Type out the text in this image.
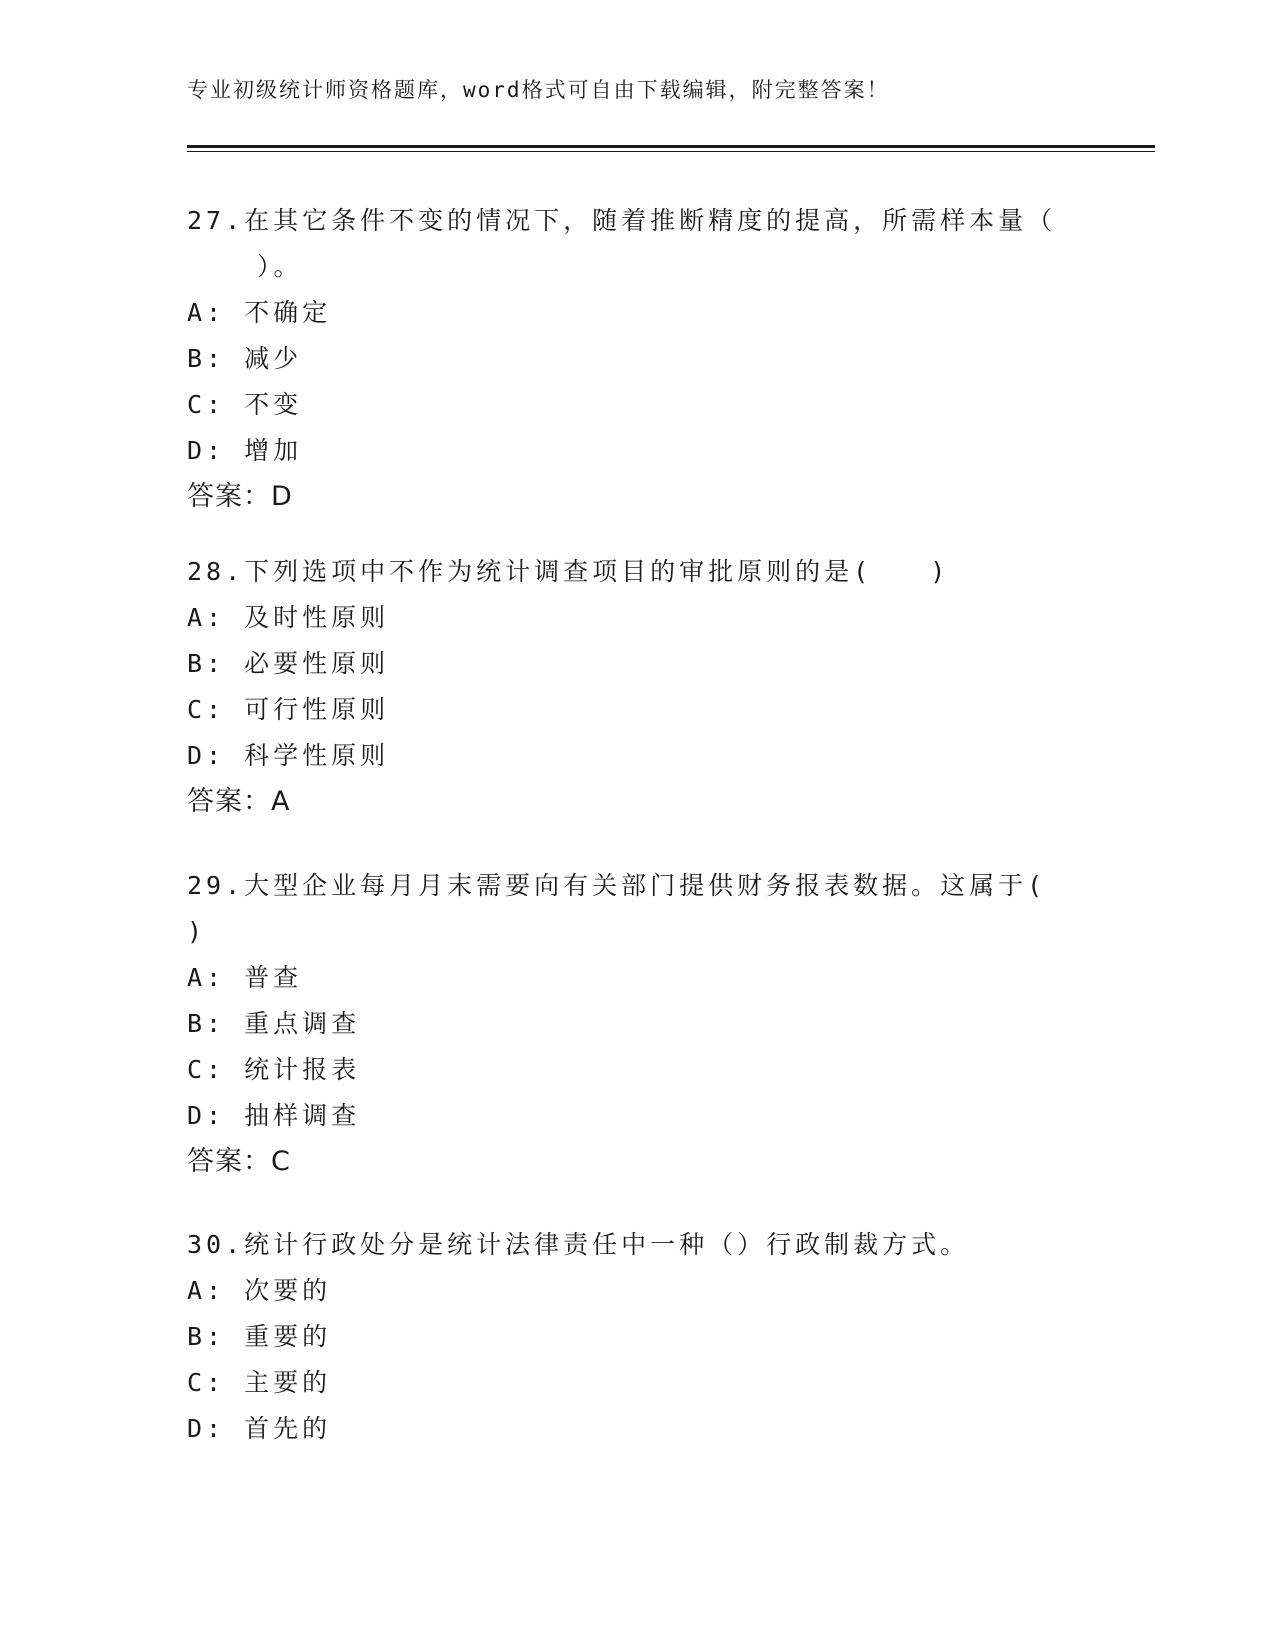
专业初级统计师资格题库，word格式可自由下载编辑，附完整答案！

27.在其它条件不变的情况下，随着推断精度的提高，所需样本量（
）。

A: 不确定

B: 减少

C: 不变

D: 增加

答案：D

28.下列选项中不作为统计调查项目的审批原则的是(　　)

A: 及时性原则

B: 必要性原则

C: 可行性原则

D: 科学性原则

答案：A

29.大型企业每月月末需要向有关部门提供财务报表数据。这属于(
)

A: 普查

B: 重点调查

C: 统计报表

D: 抽样调查

答案：C

30.统计行政处分是统计法律责任中一种（）行政制裁方式。

A: 次要的

B: 重要的

C: 主要的

D: 首先的
